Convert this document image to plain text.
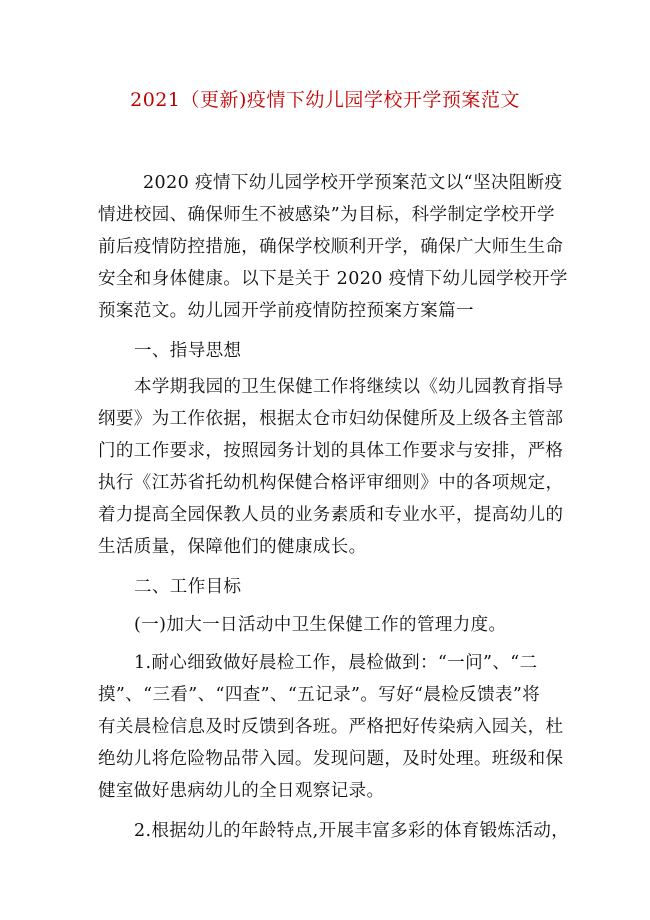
2021（更新)疫情下幼儿园学校开学预案范文
2020 疫情下幼儿园学校开学预案范文以“坚决阻断疫
情进校园、确保师生不被感染”为目标，科学制定学校开学
前后疫情防控措施，确保学校顺利开学，确保广大师生生命
安全和身体健康。以下是关于 2020 疫情下幼儿园学校开学
预案范文。幼儿园开学前疫情防控预案方案篇一
一、指导思想
本学期我园的卫生保健工作将继续以《幼儿园教育指导
纲要》为工作依据，根据太仓市妇幼保健所及上级各主管部
门的工作要求，按照园务计划的具体工作要求与安排，严格
执行《江苏省托幼机构保健合格评审细则》中的各项规定，
着力提高全园保教人员的业务素质和专业水平，提高幼儿的
生活质量，保障他们的健康成长。
二、工作目标
(一)加大一日活动中卫生保健工作的管理力度。
1.耐心细致做好晨检工作，晨检做到：“一问”、“二
摸”、“三看”、“四查”、“五记录”。写好“晨检反馈表”将
有关晨检信息及时反馈到各班。严格把好传染病入园关，杜
绝幼儿将危险物品带入园。发现问题，及时处理。班级和保
健室做好患病幼儿的全日观察记录。
2.根据幼儿的年龄特点,开展丰富多彩的体育锻炼活动，
